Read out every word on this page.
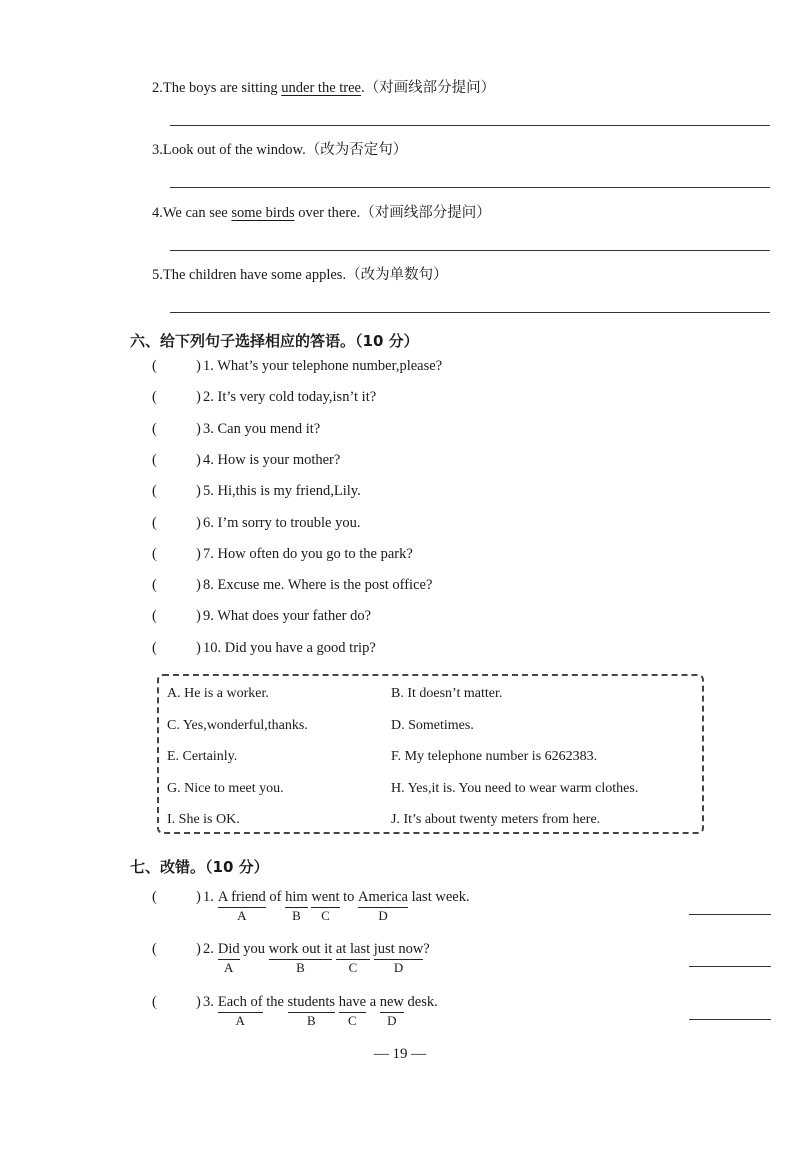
2.The boys are sitting under the tree.（对画线部分提问）
3.Look out of the window.（改为否定句）
4.We can see some birds over there.（对画线部分提问）
5.The children have some apples.（改为单数句）
六、给下列句子选择相应的答语。（10 分）
(	) 1. What’s your telephone number,please?
(	) 2. It’s very cold today,isn’t it?
(	) 3. Can you mend it?
(	) 4. How is your mother?
(	) 5. Hi,this is my friend,Lily.
(	) 6. I’m sorry to trouble you.
(	) 7. How often do you go to the park?
(	) 8. Excuse me. Where is the post office?
(	) 9. What does your father do?
(	) 10. Did you have a good trip?
A. He is a worker.	B. It doesn’t matter.
C. Yes,wonderful,thanks.	D. Sometimes.
E. Certainly.	F. My telephone number is 6262383.
G. Nice to meet you.	H. Yes,it is. You need to wear warm clothes.
I. She is OK.	J. It’s about twenty meters from here.
七、改错。（10 分）
(	) 1. A friend
A
of him
B
went
C
to America
D
last week.
(	) 2. Did
A
you work out it
B
at last
C
just now
D
?
(	) 3. Each of
A
the students
B
have
C
a new
D
desk.
— 19 —
